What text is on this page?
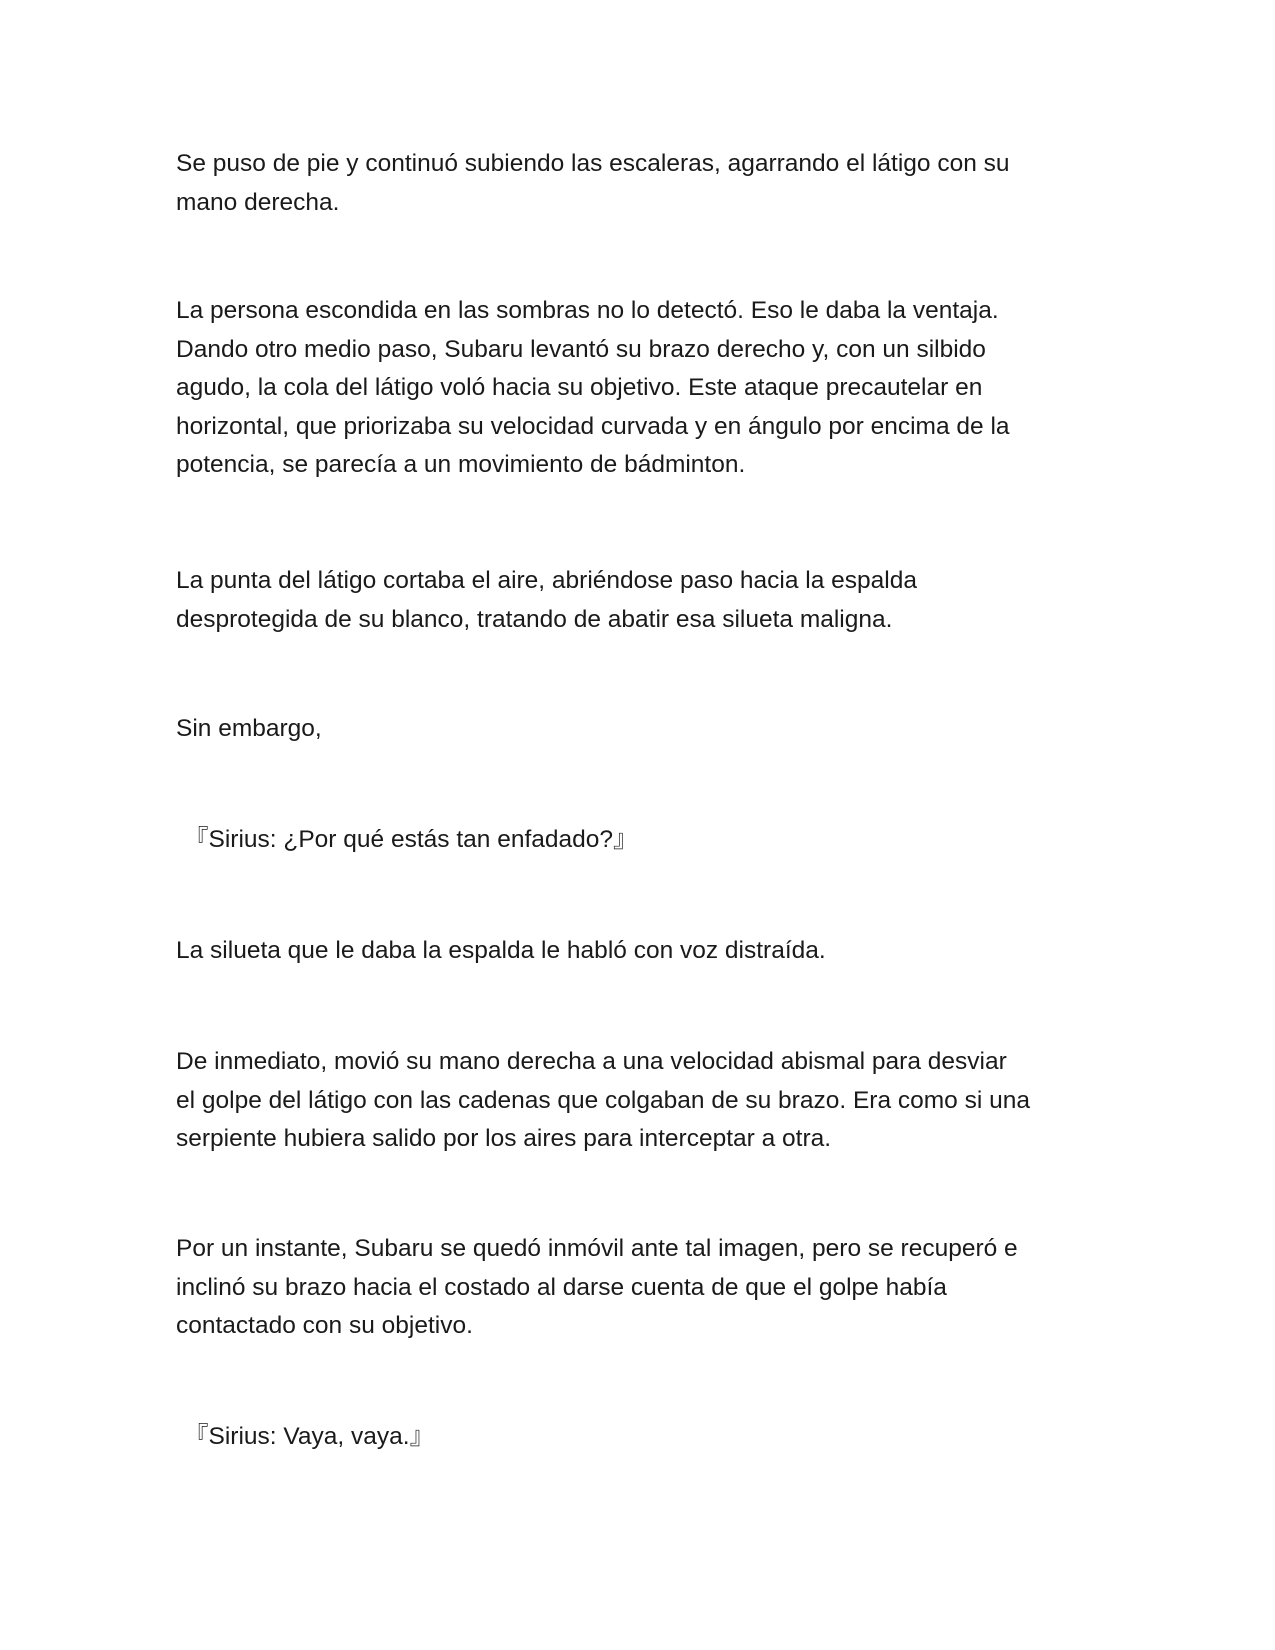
Se puso de pie y continuó subiendo las escaleras, agarrando el látigo con su
mano derecha.

La persona escondida en las sombras no lo detectó. Eso le daba la ventaja.
Dando otro medio paso, Subaru levantó su brazo derecho y, con un silbido
agudo, la cola del látigo voló hacia su objetivo. Este ataque precautelar en
horizontal, que priorizaba su velocidad curvada y en ángulo por encima de la
potencia, se parecía a un movimiento de bádminton.

La punta del látigo cortaba el aire, abriéndose paso hacia la espalda
desprotegida de su blanco, tratando de abatir esa silueta maligna.

Sin embargo,

『Sirius: ¿Por qué estás tan enfadado?』

La silueta que le daba la espalda le habló con voz distraída.

De inmediato, movió su mano derecha a una velocidad abismal para desviar
el golpe del látigo con las cadenas que colgaban de su brazo. Era como si una
serpiente hubiera salido por los aires para interceptar a otra.

Por un instante, Subaru se quedó inmóvil ante tal imagen, pero se recuperó e
inclinó su brazo hacia el costado al darse cuenta de que el golpe había
contactado con su objetivo.

『Sirius: Vaya, vaya.』
